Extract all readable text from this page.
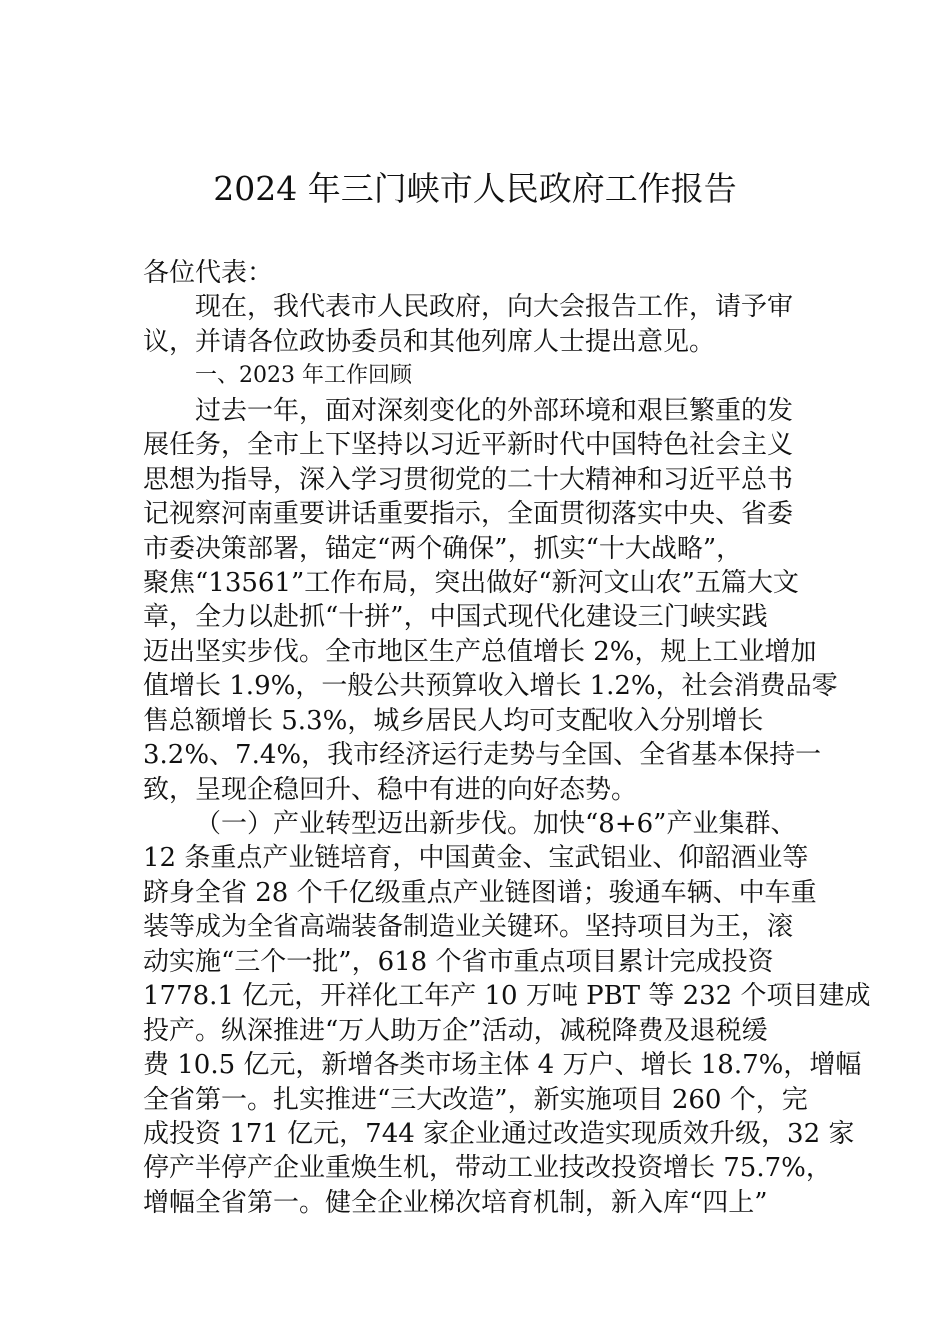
2024 年三门峡市人民政府工作报告
各位代表：
现在，我代表市人民政府，向大会报告工作，请予审
议，并请各位政协委员和其他列席人士提出意见。
一、2023 年工作回顾
过去一年，面对深刻变化的外部环境和艰巨繁重的发
展任务，全市上下坚持以习近平新时代中国特色社会主义
思想为指导，深入学习贯彻党的二十大精神和习近平总书
记视察河南重要讲话重要指示，全面贯彻落实中央、省委
市委决策部署，锚定“两个确保”，抓实“十大战略”，
聚焦“13561”工作布局，突出做好“新河文山农”五篇大文
章，全力以赴抓“十拼”，中国式现代化建设三门峡实践
迈出坚实步伐。全市地区生产总值增长 2%，规上工业增加
值增长 1.9%，一般公共预算收入增长 1.2%，社会消费品零
售总额增长 5.3%，城乡居民人均可支配收入分别增长
3.2%、7.4%，我市经济运行走势与全国、全省基本保持一
致，呈现企稳回升、稳中有进的向好态势。
（一）产业转型迈出新步伐。加快“8+6”产业集群、
12 条重点产业链培育，中国黄金、宝武铝业、仰韶酒业等
跻身全省 28 个千亿级重点产业链图谱；骏通车辆、中车重
装等成为全省高端装备制造业关键环。坚持项目为王，滚
动实施“三个一批”，618 个省市重点项目累计完成投资
1778.1 亿元，开祥化工年产 10 万吨 PBT 等 232 个项目建成
投产。纵深推进“万人助万企”活动，减税降费及退税缓
费 10.5 亿元，新增各类市场主体 4 万户、增长 18.7%，增幅
全省第一。扎实推进“三大改造”，新实施项目 260 个，完
成投资 171 亿元，744 家企业通过改造实现质效升级，32 家
停产半停产企业重焕生机，带动工业技改投资增长 75.7%，
增幅全省第一。健全企业梯次培育机制，新入库“四上”
